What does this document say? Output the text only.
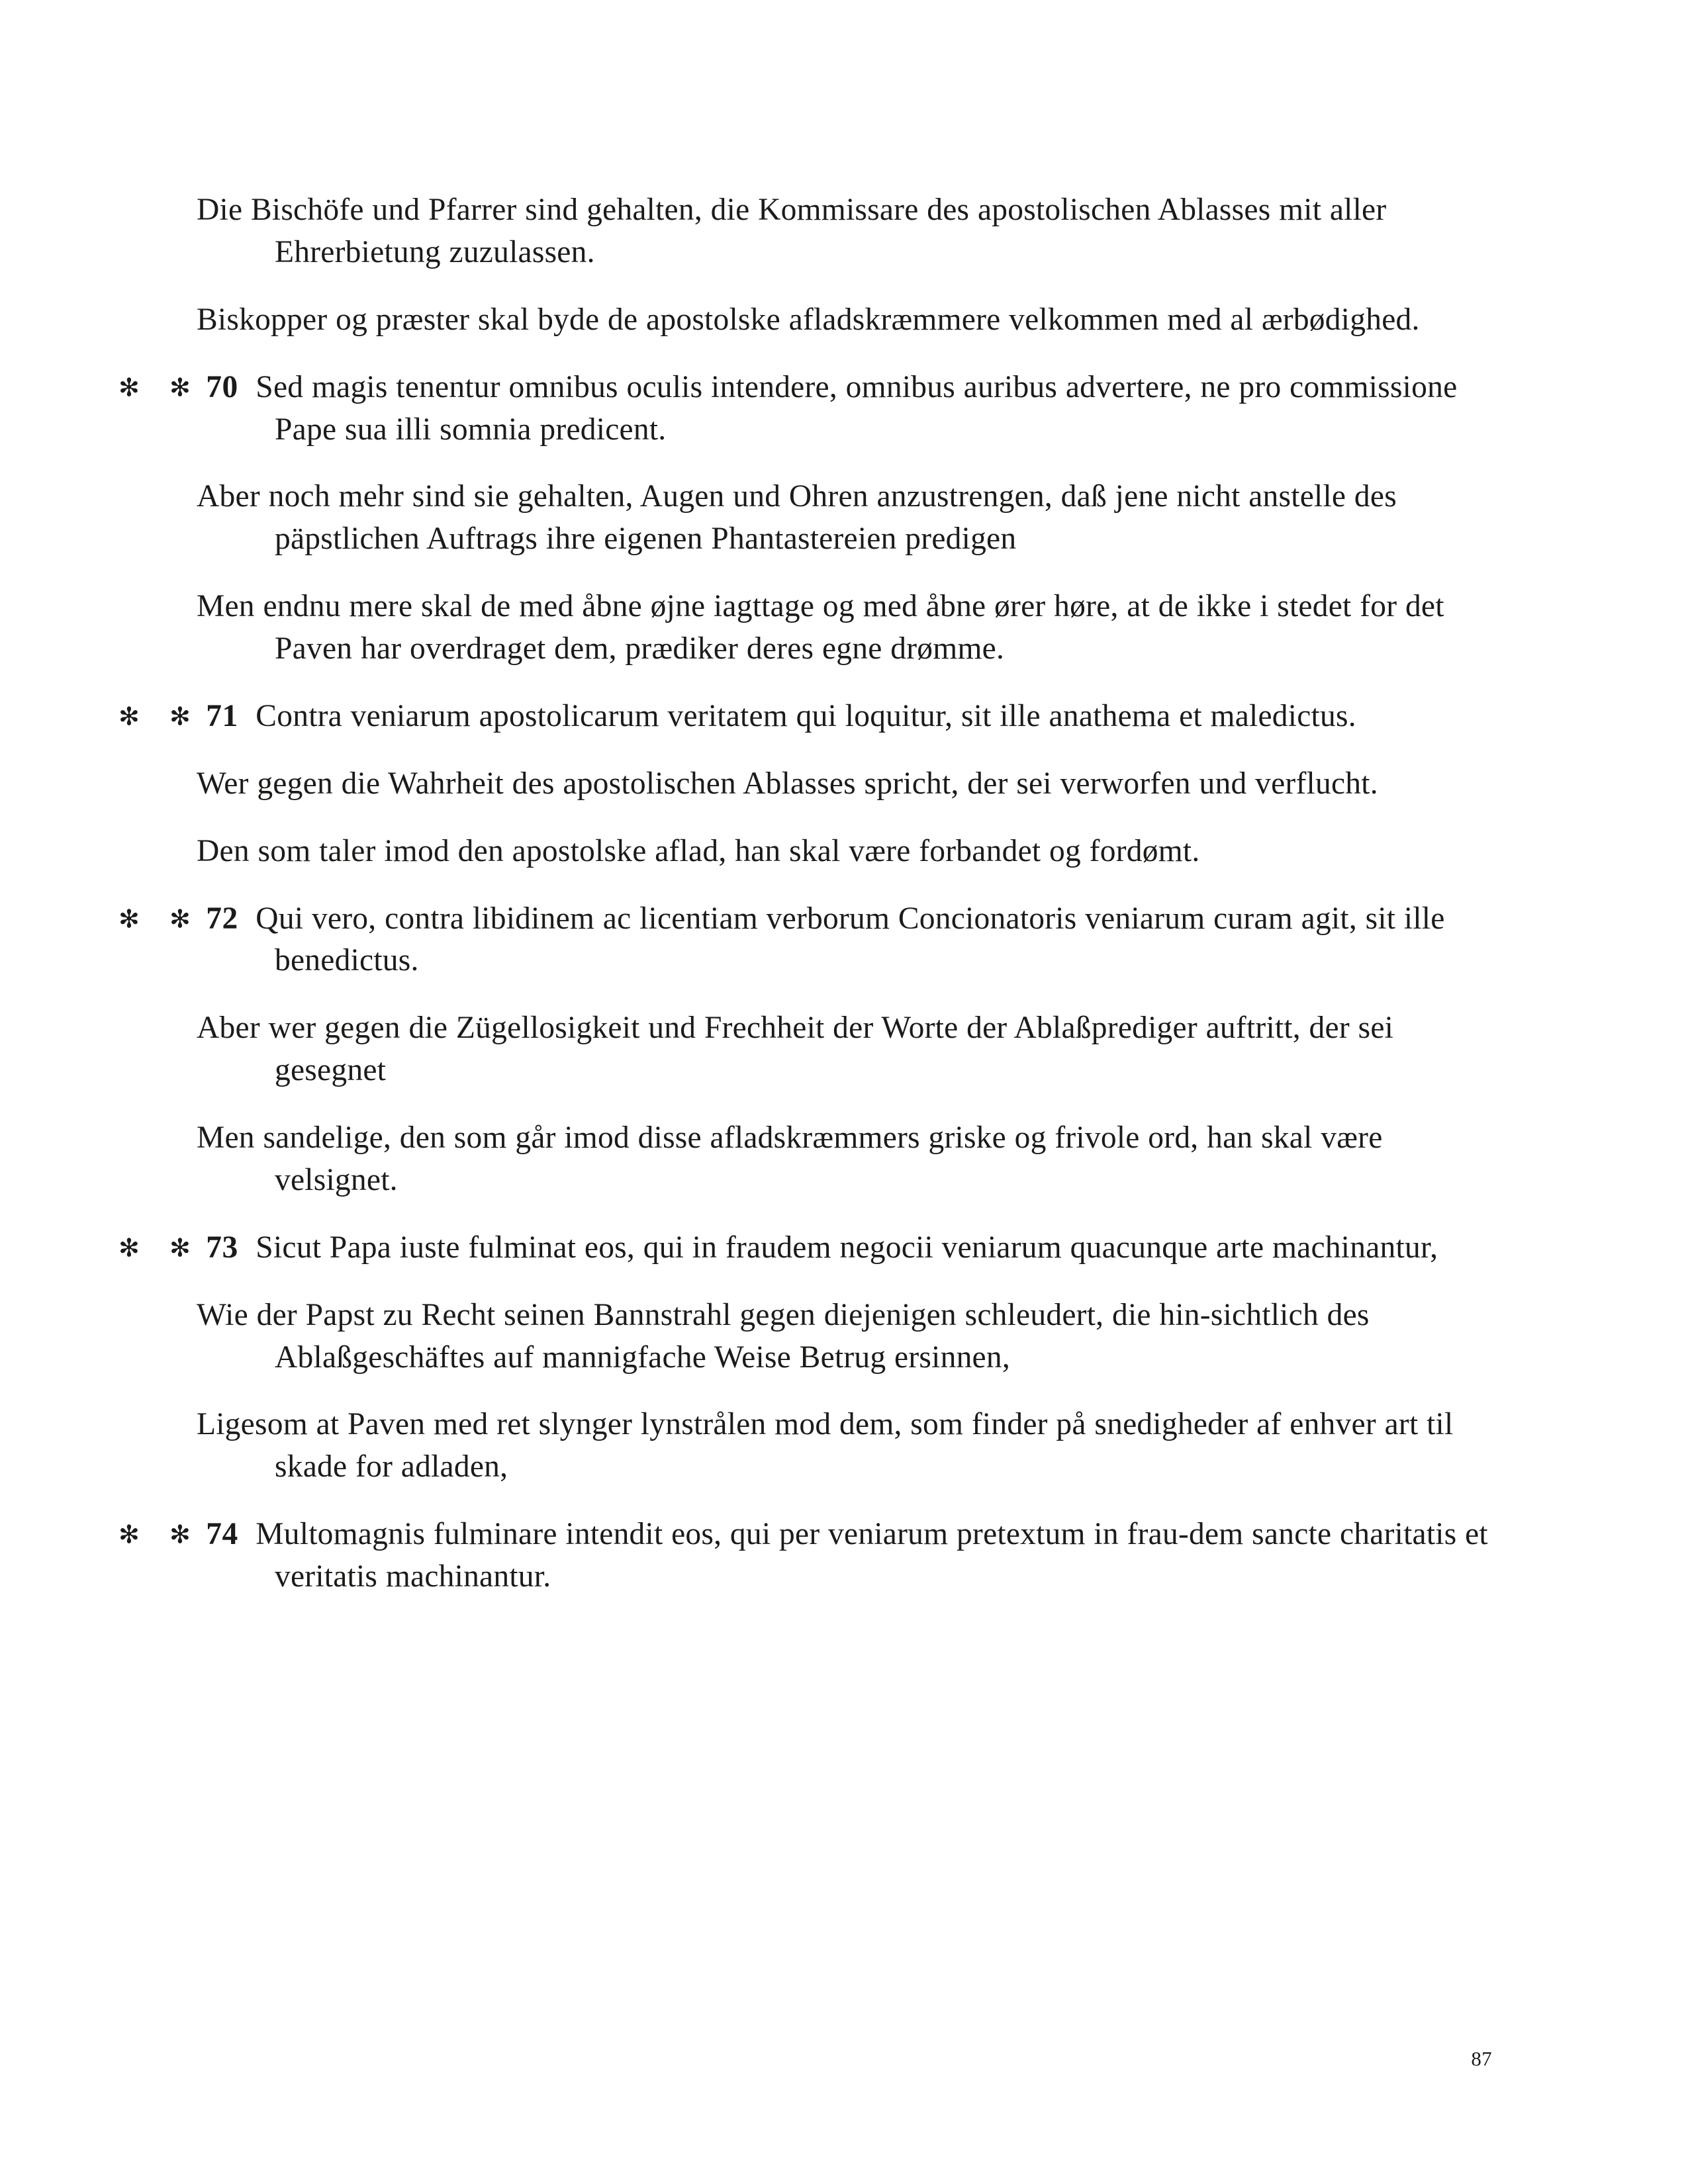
Die Bischöfe und Pfarrer sind gehalten, die Kommissare des apostolischen Ablasses mit aller Ehrerbietung zuzulassen.

Biskopper og præster skal byde de apostolske afladskræmmere velkommen med al ærbødighed.

✻ 70✻ Sed magis tenentur omnibus oculis intendere, omnibus auribus advertere, ne pro commissione Pape sua illi somnia predicent.

Aber noch mehr sind sie gehalten, Augen und Ohren anzustrengen, daß jene nicht anstelle des päpstlichen Auftrags ihre eigenen Phantastereien predigen

Men endnu mere skal de med åbne øjne iagttage og med åbne ører høre, at de ikke i stedet for det Paven har overdraget dem, prædiker deres egne drømme.

✻ 71✻ Contra veniarum apostolicarum veritatem qui loquitur, sit ille anathema et maledictus.

Wer gegen die Wahrheit des apostolischen Ablasses spricht, der sei verworfen und verflucht.

Den som taler imod den apostolske aflad, han skal være forbandet og fordømt.

✻ 72✻ Qui vero, contra libidinem ac licentiam verborum Concionatoris veniarum curam agit, sit ille benedictus.

Aber wer gegen die Zügellosigkeit und Frechheit der Worte der Ablaßprediger auftritt, der sei gesegnet

Men sandelige, den som går imod disse afladskræmmers griske og frivole ord, han skal være velsignet.

✻ 73✻ Sicut Papa iuste fulminat eos, qui in fraudem negocii veniarum quacunque arte machinantur,

Wie der Papst zu Recht seinen Bannstrahl gegen diejenigen schleudert, die hin-sichtlich des Ablaßgeschäftes auf mannigfache Weise Betrug ersinnen,

Ligesom at Paven med ret slynger lynstrålen mod dem, som finder på snedigheder af enhver art til skade for adladen,

✻ 74✻ Multomagnis fulminare intendit eos, qui per veniarum pretextum in frau-dem sancte charitatis et veritatis machinantur.

87
